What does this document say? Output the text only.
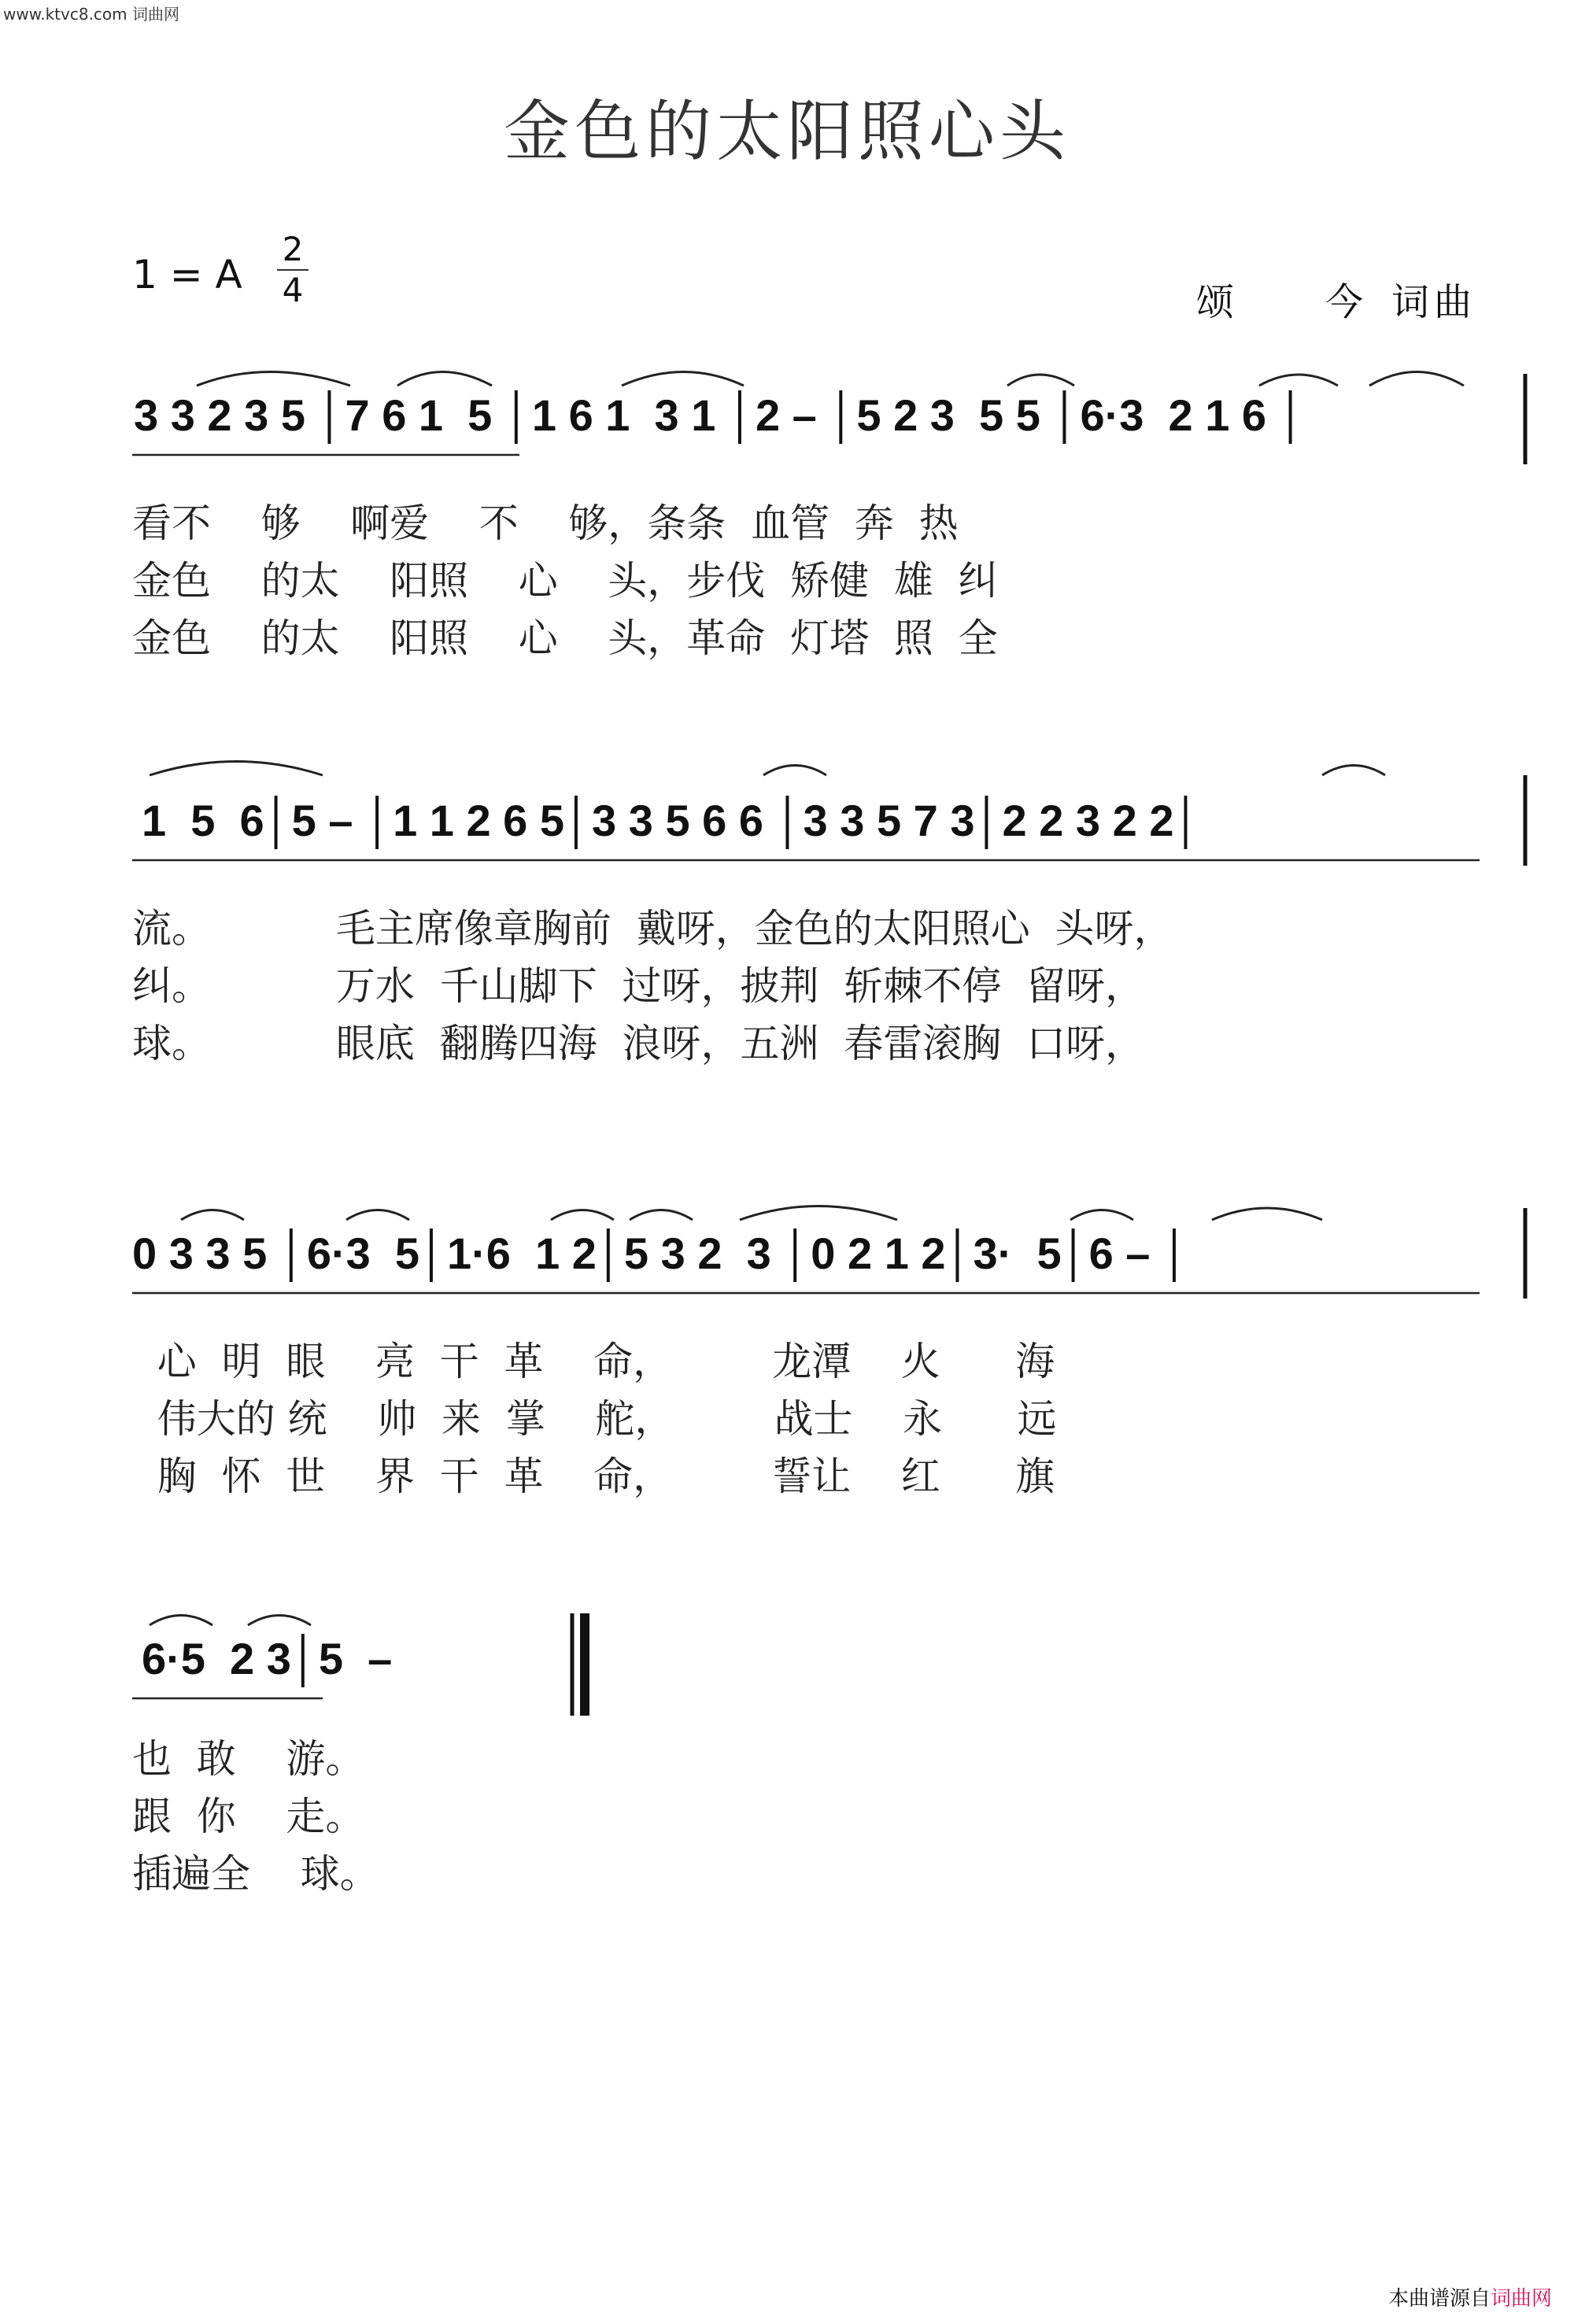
www.ktvc8.com 词曲网
金色的太阳照心头
1 = A
2
4	颂 今 词曲
3 3 2 3 5 │7 6 1  5 │1 6 1  3 1 │2 – │5 2 3  5 5 │6·3  2 1 6 │
看不    够    啊爱    不    够，条条  血管  奔  热
金色    的太    阳照    心    头，步伐  矫健  雄  纠
金色    的太    阳照    心    头，革命  灯塔  照  全
1  5  6│5 – │1 1 2 6 5│3 3 5 6 6 │3 3 5 7 3│2 2 3 2 2│
流。          毛主席像章胸前  戴呀，金色的太阳照心  头呀，
纠。          万水  千山脚下  过呀，披荆  斩棘不停  留呀，
球。          眼底  翻腾四海  浪呀，五洲  春雷滚胸  口呀，
0 3 3 5 │6·3  5│1·6  1 2│5 3 2  3 │0 2 1 2│3·  5│6 – │
心  明  眼    亮  干  革    命，        龙潭    火      海
伟大的 统    帅  来  掌    舵，        战士    永      远
胸  怀  世    界  干  革    命，        誓让    红      旗
6·5  2 3│5  –
也  敢    游。
跟  你    走。
插遍全    球。
本曲谱源自词曲网
